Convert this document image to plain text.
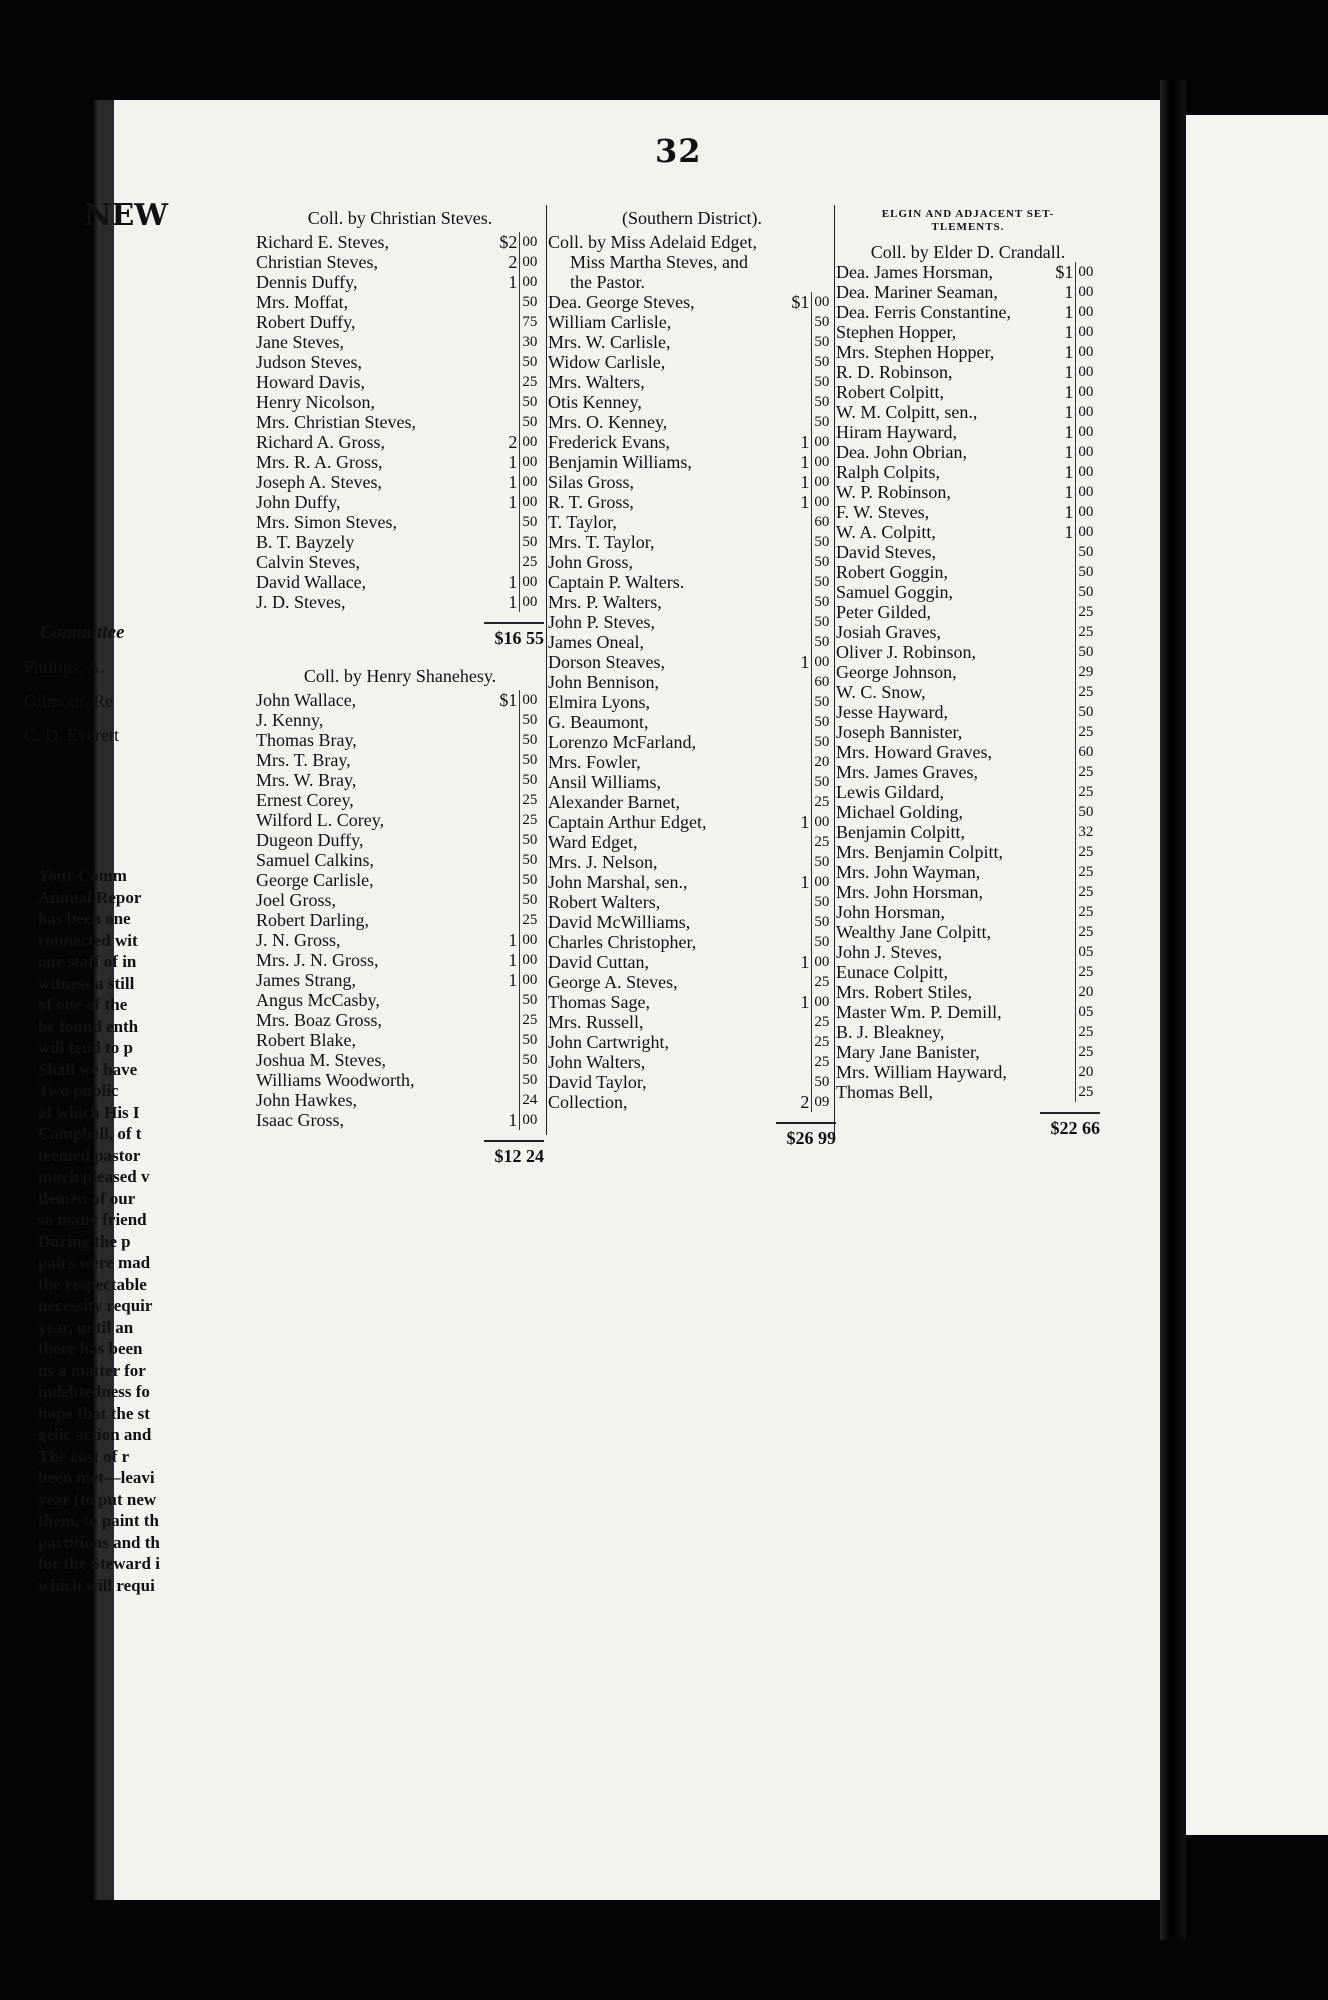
32
Coll. by Christian Steves.
Richard E. Steves,	$2 00
Christian Steves,	2 00
Dennis Duffy,	1 00
Mrs. Moffat,	50
Robert Duffy,	75
Jane Steves,	30
Judson Steves,	50
Howard Davis,	25
Henry Nicolson,	50
Mrs. Christian Steves,	50
Richard A. Gross,	2 00
Mrs. R. A. Gross,	1 00
Joseph A. Steves,	1 00
John Duffy,	1 00
Mrs. Simon Steves,	50
B. T. Bayzely	50
Calvin Steves,	25
David Wallace,	1 00
J. D. Steves,	1 00
$16 55
Coll. by Henry Shanehesy.
John Wallace,	$1 00
J. Kenny,	50
Thomas Bray,	50
Mrs. T. Bray,	50
Mrs. W. Bray,	50
Ernest Corey,	25
Wilford L. Corey,	25
Dugeon Duffy,	50
Samuel Calkins,	50
George Carlisle,	50
Joel Gross,	50
Robert Darling,	25
J. N. Gross,	1 00
Mrs. J. N. Gross,	1 00
James Strang,	1 00
Angus McCasby,	50
Mrs. Boaz Gross,	25
Robert Blake,	50
Joshua M. Steves,	50
Williams Woodworth,	50
John Hawkes,	24
Isaac Gross,	1 00
$12 24
(Southern District).
Coll. by Miss Adelaid Edget,
Miss Martha Steves, and
the Pastor.
Dea. George Steves,	$1 00
William Carlisle,	50
Mrs. W. Carlisle,	50
Widow Carlisle,	50
Mrs. Walters,	50
Otis Kenney,	50
Mrs. O. Kenney,	50
Frederick Evans,	1 00
Benjamin Williams,	1 00
Silas Gross,	1 00
R. T. Gross,	1 00
T. Taylor,	60
Mrs. T. Taylor,	50
John Gross,	50
Captain P. Walters.	50
Mrs. P. Walters,	50
John P. Steves,	50
James Oneal,	50
Dorson Steaves,	1 00
John Bennison,	60
Elmira Lyons,	50
G. Beaumont,	50
Lorenzo McFarland,	50
Mrs. Fowler,	20
Ansil Williams,	50
Alexander Barnet,	25
Captain Arthur Edget,	1 00
Ward Edget,	25
Mrs. J. Nelson,	50
John Marshal, sen.,	1 00
Robert Walters,	50
David McWilliams,	50
Charles Christopher,	50
David Cuttan,	1 00
George A. Steves,	25
Thomas Sage,	1 00
Mrs. Russell,	25
John Cartwright,	25
John Walters,	25
David Taylor,	50
Collection,	2 09
$26 99
ELGIN AND ADJACENT SET-
TLEMENTS.
Coll. by Elder D. Crandall.
Dea. James Horsman,	$1 00
Dea. Mariner Seaman,	1 00
Dea. Ferris Constantine,	1 00
Stephen Hopper,	1 00
Mrs. Stephen Hopper,	1 00
R. D. Robinson,	1 00
Robert Colpitt,	1 00
W. M. Colpitt, sen.,	1 00
Hiram Hayward,	1 00
Dea. John Obrian,	1 00
Ralph Colpits,	1 00
W. P. Robinson,	1 00
F. W. Steves,	1 00
W. A. Colpitt,	1 00
David Steves,	50
Robert Goggin,	50
Samuel Goggin,	50
Peter Gilded,	25
Josiah Graves,	25
Oliver J. Robinson,	50
George Johnson,	29
W. C. Snow,	25
Jesse Hayward,	50
Joseph Bannister,	25
Mrs. Howard Graves,	60
Mrs. James Graves,	25
Lewis Gildard,	25
Michael Golding,	50
Benjamin Colpitt,	32
Mrs. Benjamin Colpitt,	25
Mrs. John Wayman,	25
Mrs. John Horsman,	25
John Horsman,	25
Wealthy Jane Colpitt,	25
John J. Steves,	05
Eunace Colpitt,	25
Mrs. Robert Stiles,	20
Master Wm. P. Demill,	05
B. J. Bleakney,	25
Mary Jane Banister,	25
Mrs. William Hayward,	20
Thomas Bell,	25
$22 66
NEW
Committee
Phillips, A.
Gilmour, Re
C. D. Everett
Your Comm
Annual Repor
has been one
connected wit
our staff of in
witness a still
of one of the
be found enth
will tend to p
Shall we have
Two public
of which His I
Campbell, of t
teemed pastor
much pleased v
tlemen of our
so many friend
During the p
pairs were mad
the respectable
necessity requir
year, until an
there has been
us a matter for
indebtedness fo
hope that the st
gelic action and
The cost of r
been met—leavi
year (to put new
them, to paint th
partitions and th
for the Steward i
which will requi
